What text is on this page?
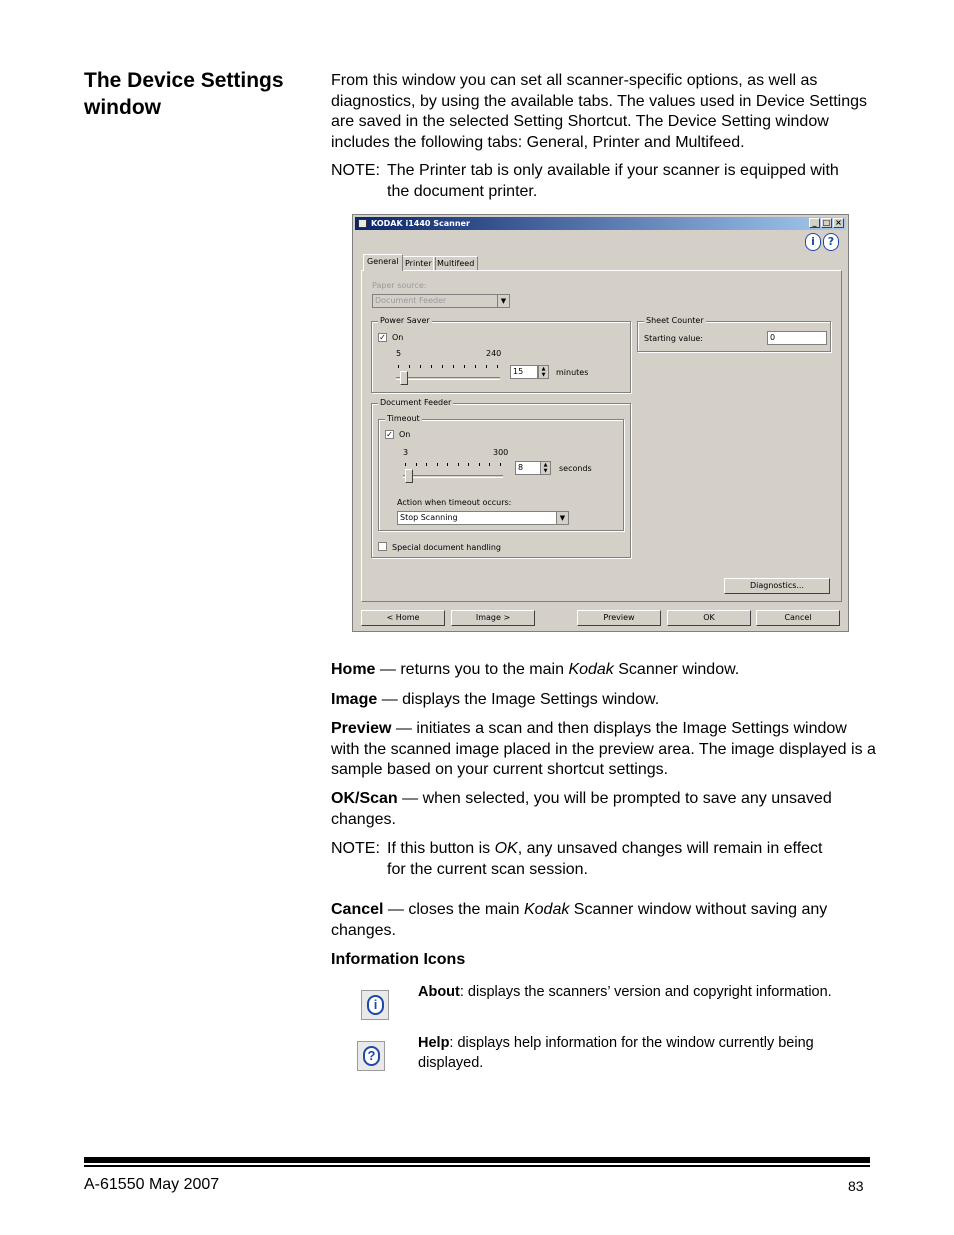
The Device Settings
window

From this window you can set all scanner-specific options, as well as diagnostics, by using the available tabs. The values used in Device Settings are saved in the selected Setting Shortcut. The Device Setting window includes the following tabs: General, Printer and Multifeed.

NOTE: The Printer tab is only available if your scanner is equipped with
the document printer.
KODAK i1440 Scanner	_ □ ×
i	?
General Printer Multifeed
Paper source:
Document Feeder	▼
Power Saver
✓ On
5	240
15	▲
▼	minutes
Sheet Counter
Starting value:	0
Document Feeder
Timeout
✓ On
3	300
8	▲
▼	seconds
Action when timeout occurs:
Stop Scanning	▼
Special document handling
Diagnostics...
< Home	Image >	Preview	OK	Cancel

Home — returns you to the main Kodak Scanner window.

Image — displays the Image Settings window.

Preview — initiates a scan and then displays the Image Settings window with the scanned image placed in the preview area. The image displayed is a sample based on your current shortcut settings.

OK/Scan — when selected, you will be prompted to save any unsaved changes.

NOTE: If this button is OK, any unsaved changes will remain in effect
for the current scan session.

Cancel — closes the main Kodak Scanner window without saving any changes.

Information Icons

i

About: displays the scanners’ version and copyright information.

?

Help: displays help information for the window currently being displayed.

A-61550 May 2007	83
